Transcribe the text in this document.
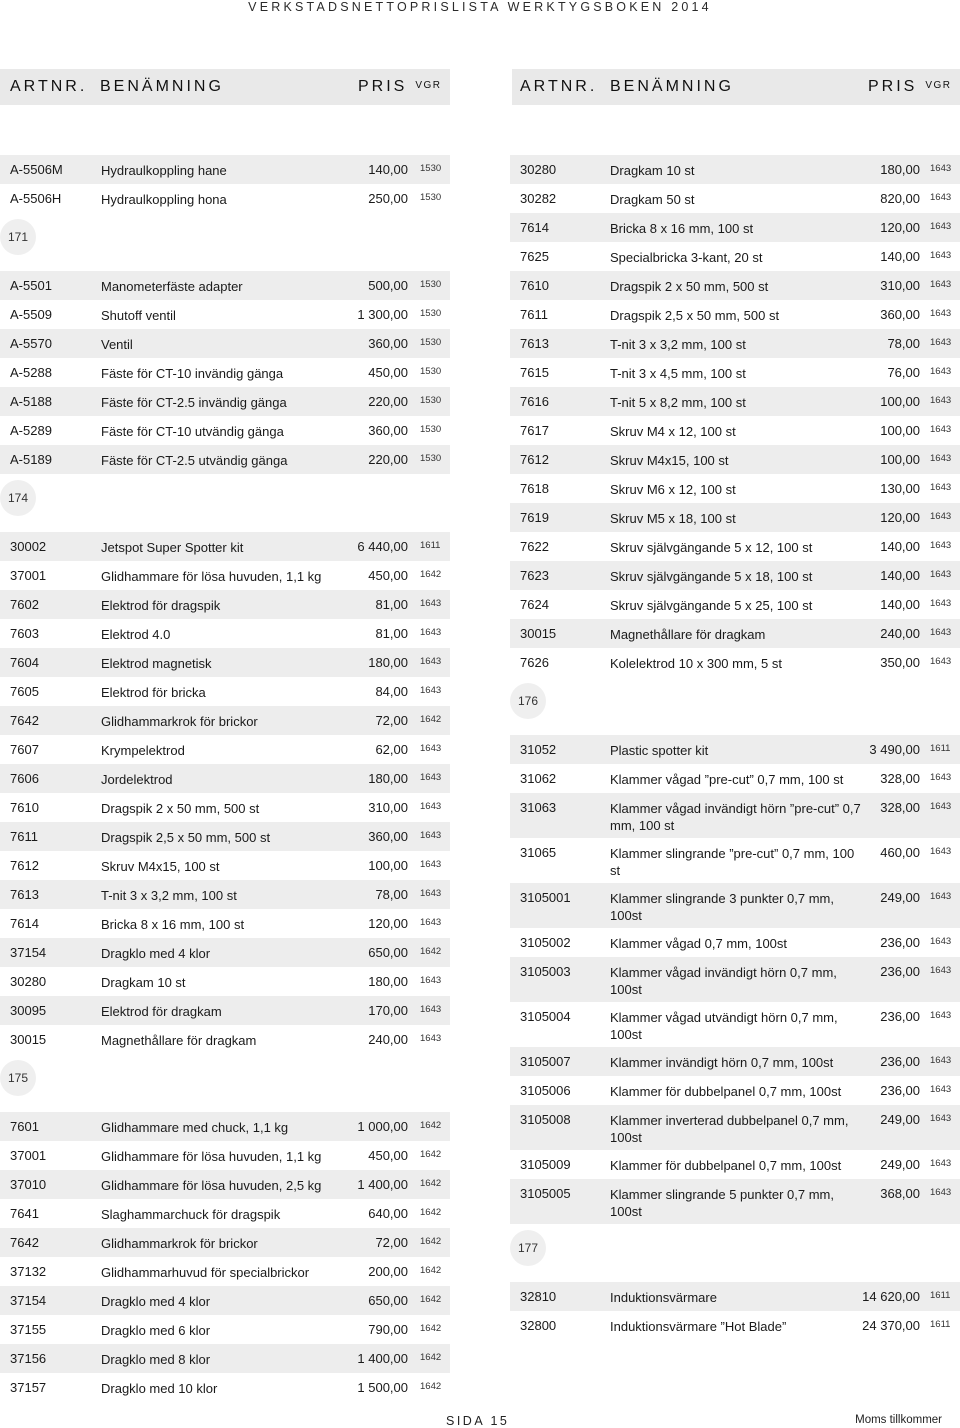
VERKSTADSNETTOPRISLISTA WERKTYGSBOKEN 2014
ARTNR. BENÄMNING	PRIS VGR	ARTNR. BENÄMNING	PRIS VGR
A-5506M	Hydraulkoppling hane	140,00 1530
A-5506H	Hydraulkoppling hona	250,00 1530
171
A-5501	Manometerfäste adapter	500,00 1530
A-5509	Shutoff ventil	1 300,00 1530
A-5570	Ventil	360,00 1530
A-5288	Fäste för CT-10 invändig gänga	450,00 1530
A-5188	Fäste för CT-2.5 invändig gänga	220,00 1530
A-5289	Fäste för CT-10 utvändig gänga	360,00 1530
A-5189	Fäste för CT-2.5 utvändig gänga	220,00 1530
174
30002	Jetspot Super Spotter kit	6 440,00 1611
37001	Glidhammare för lösa huvuden, 1,1 kg	450,00 1642
7602	Elektrod för dragspik	81,00 1643
7603	Elektrod 4.0	81,00 1643
7604	Elektrod magnetisk	180,00 1643
7605	Elektrod för bricka	84,00 1643
7642	Glidhammarkrok för brickor	72,00 1642
7607	Krympelektrod	62,00 1643
7606	Jordelektrod	180,00 1643
7610	Dragspik 2 x 50 mm, 500 st	310,00 1643
7611	Dragspik 2,5 x 50 mm, 500 st	360,00 1643
7612	Skruv M4x15, 100 st	100,00 1643
7613	T-nit 3 x 3,2 mm, 100 st	78,00 1643
7614	Bricka 8 x 16 mm, 100 st	120,00 1643
37154	Dragklo med 4 klor	650,00 1642
30280	Dragkam 10 st	180,00 1643
30095	Elektrod för dragkam	170,00 1643
30015	Magnethållare för dragkam	240,00 1643
175
7601	Glidhammare med chuck, 1,1 kg	1 000,00 1642
37001	Glidhammare för lösa huvuden, 1,1 kg	450,00 1642
37010	Glidhammare för lösa huvuden, 2,5 kg	1 400,00 1642
7641	Slaghammarchuck för dragspik	640,00 1642
7642	Glidhammarkrok för brickor	72,00 1642
37132	Glidhammarhuvud för specialbrickor	200,00 1642
37154	Dragklo med 4 klor	650,00 1642
37155	Dragklo med 6 klor	790,00 1642
37156	Dragklo med 8 klor	1 400,00 1642
37157	Dragklo med 10 klor	1 500,00 1642
30280	Dragkam 10 st	180,00 1643
30282	Dragkam 50 st	820,00 1643
7614	Bricka 8 x 16 mm, 100 st	120,00 1643
7625	Specialbricka 3-kant, 20 st	140,00 1643
7610	Dragspik 2 x 50 mm, 500 st	310,00 1643
7611	Dragspik 2,5 x 50 mm, 500 st	360,00 1643
7613	T-nit 3 x 3,2 mm, 100 st	78,00 1643
7615	T-nit 3 x 4,5 mm, 100 st	76,00 1643
7616	T-nit 5 x 8,2 mm, 100 st	100,00 1643
7617	Skruv M4 x 12, 100 st	100,00 1643
7612	Skruv M4x15, 100 st	100,00 1643
7618	Skruv M6 x 12, 100 st	130,00 1643
7619	Skruv M5 x 18, 100 st	120,00 1643
7622	Skruv självgängande 5 x 12, 100 st	140,00 1643
7623	Skruv självgängande 5 x 18, 100 st	140,00 1643
7624	Skruv självgängande 5 x 25, 100 st	140,00 1643
30015	Magnethållare för dragkam	240,00 1643
7626	Kolelektrod 10 x 300 mm, 5 st	350,00 1643
176
31052	Plastic spotter kit	3 490,00 1611
31062	Klammer vågad ”pre-cut” 0,7 mm, 100 st	328,00 1643
31063	Klammer vågad invändigt hörn ”pre-cut” 0,7 mm, 100 st
328,00 1643
31065	Klammer slingrande ”pre-cut” 0,7 mm, 100 st
460,00 1643
3105001	Klammer slingrande 3 punkter 0,7 mm, 100st
249,00 1643
3105002	Klammer vågad 0,7 mm, 100st	236,00 1643
3105003	Klammer vågad invändigt hörn 0,7 mm, 100st
236,00 1643
3105004	Klammer vågad utvändigt hörn 0,7 mm, 100st
236,00 1643
3105007	Klammer invändigt hörn 0,7 mm, 100st	236,00 1643
3105006	Klammer för dubbelpanel 0,7 mm, 100st	236,00 1643
3105008	Klammer inverterad dubbelpanel 0,7 mm, 100st
249,00 1643
3105009	Klammer för dubbelpanel 0,7 mm, 100st	249,00 1643
3105005	Klammer slingrande 5 punkter 0,7 mm, 100st
368,00 1643
177
32810	Induktionsvärmare	14 620,00 1611
32800	Induktionsvärmare ”Hot Blade”	24 370,00 1611
SIDA 15	Moms tillkommer
